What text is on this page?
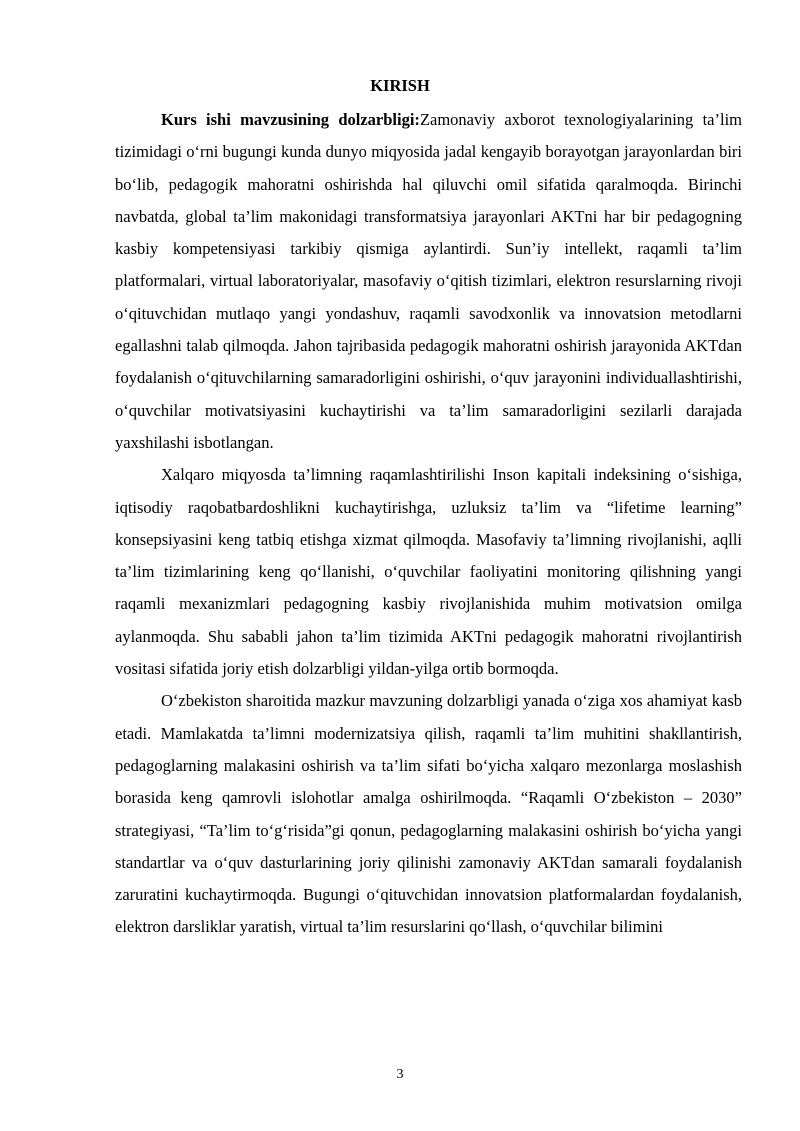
KIRISH

Kurs ishi mavzusining dolzarbligi:Zamonaviy axborot texnologiyalarining ta’lim tizimidagi o‘rni bugungi kunda dunyo miqyosida jadal kengayib borayotgan jarayonlardan biri bo‘lib, pedagogik mahoratni oshirishda hal qiluvchi omil sifatida qaralmoqda. Birinchi navbatda, global ta’lim makonidagi transformatsiya jarayonlari AKTni har bir pedagogning kasbiy kompetensiyasi tarkibiy qismiga aylantirdi. Sun’iy intellekt, raqamli ta’lim platformalari, virtual laboratoriyalar, masofaviy o‘qitish tizimlari, elektron resurslarning rivoji o‘qituvchidan mutlaqo yangi yondashuv, raqamli savodxonlik va innovatsion metodlarni egallashni talab qilmoqda. Jahon tajribasida pedagogik mahoratni oshirish jarayonida AKTdan foydalanish o‘qituvchilarning samaradorligini oshirishi, o‘quv jarayonini individuallashtirishi, o‘quvchilar motivatsiyasini kuchaytirishi va ta’lim samaradorligini sezilarli darajada yaxshilashi isbotlangan.

Xalqaro miqyosda ta’limning raqamlashtirilishi Inson kapitali indeksining o‘sishiga, iqtisodiy raqobatbardoshlikni kuchaytirishga, uzluksiz ta’lim va “lifetime learning” konsepsiyasini keng tatbiq etishga xizmat qilmoqda. Masofaviy ta’limning rivojlanishi, aqlli ta’lim tizimlarining keng qo‘llanishi, o‘quvchilar faoliyatini monitoring qilishning yangi raqamli mexanizmlari pedagogning kasbiy rivojlanishida muhim motivatsion omilga aylanmoqda. Shu sababli jahon ta’lim tizimida AKTni pedagogik mahoratni rivojlantirish vositasi sifatida joriy etish dolzarbligi yildan-yilga ortib bormoqda.

O‘zbekiston sharoitida mazkur mavzuning dolzarbligi yanada o‘ziga xos ahamiyat kasb etadi. Mamlakatda ta’limni modernizatsiya qilish, raqamli ta’lim muhitini shakllantirish, pedagoglarning malakasini oshirish va ta’lim sifati bo‘yicha xalqaro mezonlarga moslashish borasida keng qamrovli islohotlar amalga oshirilmoqda. “Raqamli O‘zbekiston – 2030” strategiyasi, “Ta’lim to‘g‘risida”gi qonun, pedagoglarning malakasini oshirish bo‘yicha yangi standartlar va o‘quv dasturlarining joriy qilinishi zamonaviy AKTdan samarali foydalanish zaruratini kuchaytirmoqda. Bugungi o‘qituvchidan innovatsion platformalardan foydalanish, elektron darsliklar yaratish, virtual ta’lim resurslarini qo‘llash, o‘quvchilar bilimini

3
